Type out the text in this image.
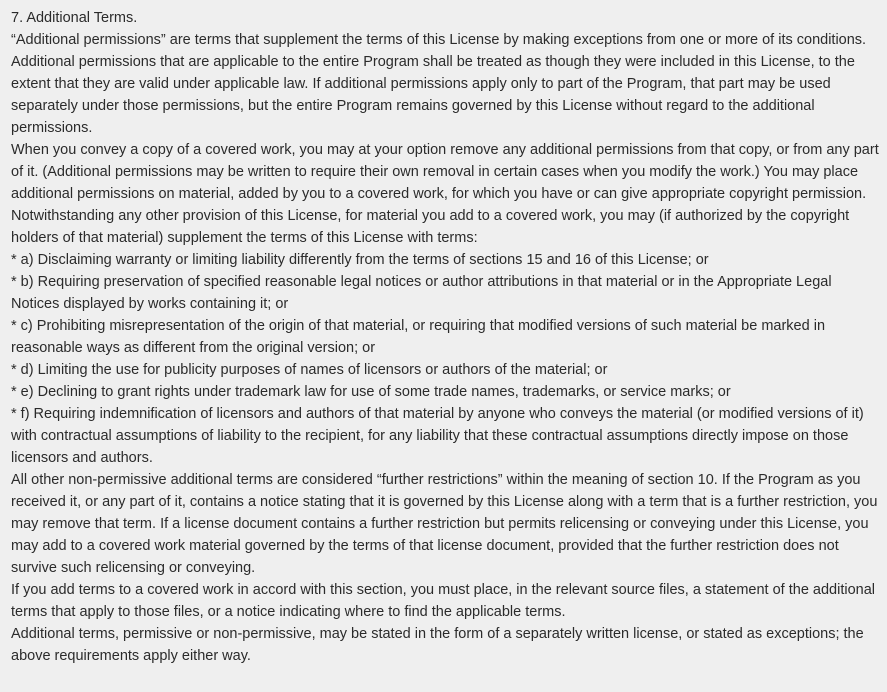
7. Additional Terms.

“Additional permissions” are terms that supplement the terms of this License by making exceptions from one or more of its conditions. Additional permissions that are applicable to the entire Program shall be treated as though they were included in this License, to the extent that they are valid under applicable law. If additional permissions apply only to part of the Program, that part may be used separately under those permissions, but the entire Program remains governed by this License without regard to the additional permissions.

When you convey a copy of a covered work, you may at your option remove any additional permissions from that copy, or from any part of it. (Additional permissions may be written to require their own removal in certain cases when you modify the work.) You may place additional permissions on material, added by you to a covered work, for which you have or can give appropriate copyright permission.

Notwithstanding any other provision of this License, for material you add to a covered work, you may (if authorized by the copyright holders of that material) supplement the terms of this License with terms:

* a) Disclaiming warranty or limiting liability differently from the terms of sections 15 and 16 of this License; or

* b) Requiring preservation of specified reasonable legal notices or author attributions in that material or in the Appropriate Legal Notices displayed by works containing it; or

* c) Prohibiting misrepresentation of the origin of that material, or requiring that modified versions of such material be marked in reasonable ways as different from the original version; or

* d) Limiting the use for publicity purposes of names of licensors or authors of the material; or

* e) Declining to grant rights under trademark law for use of some trade names, trademarks, or service marks; or

* f) Requiring indemnification of licensors and authors of that material by anyone who conveys the material (or modified versions of it) with contractual assumptions of liability to the recipient, for any liability that these contractual assumptions directly impose on those licensors and authors.

All other non-permissive additional terms are considered “further restrictions” within the meaning of section 10. If the Program as you received it, or any part of it, contains a notice stating that it is governed by this License along with a term that is a further restriction, you may remove that term. If a license document contains a further restriction but permits relicensing or conveying under this License, you may add to a covered work material governed by the terms of that license document, provided that the further restriction does not survive such relicensing or conveying.

If you add terms to a covered work in accord with this section, you must place, in the relevant source files, a statement of the additional terms that apply to those files, or a notice indicating where to find the applicable terms.

Additional terms, permissive or non-permissive, may be stated in the form of a separately written license, or stated as exceptions; the above requirements apply either way.
